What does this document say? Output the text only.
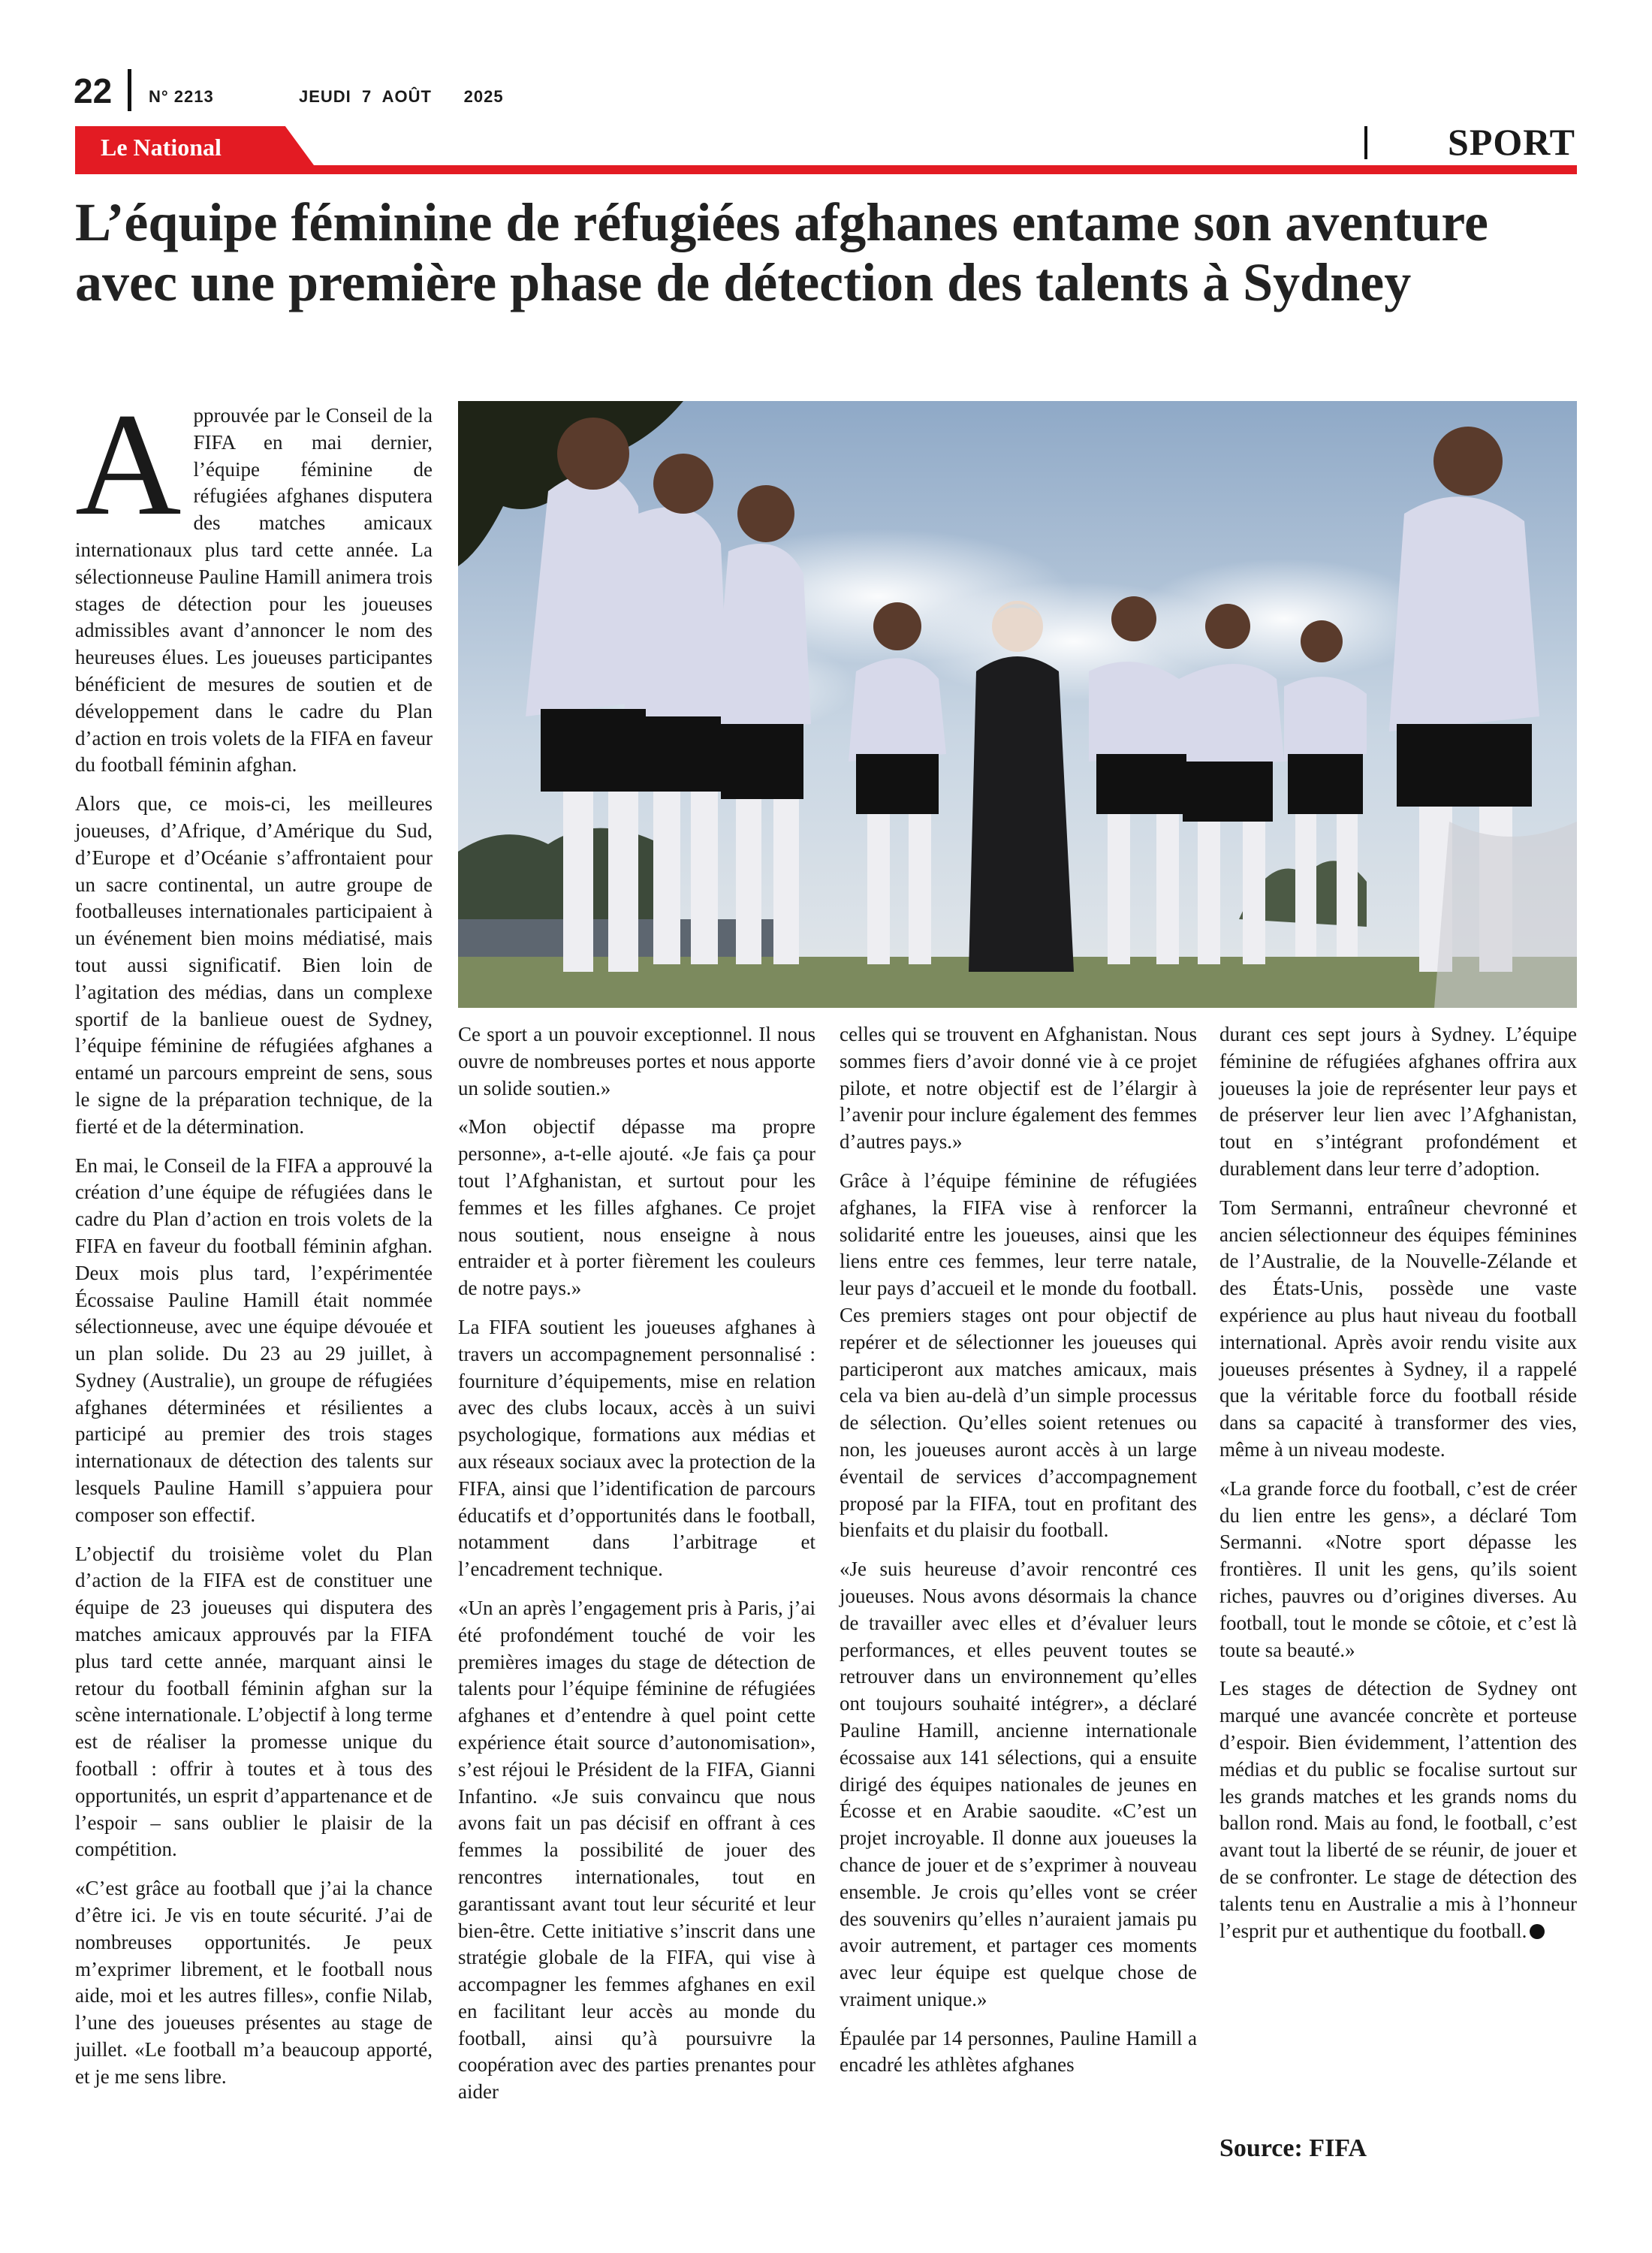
22 N° 2213	JEUDI  7  AOÛT      2025
Le National	SPORT
L’équipe féminine de réfugiées afghanes entame son aventure avec une première phase de détection des talents à Sydney

Approuvée par le Conseil de la FIFA en mai dernier, l’équipe féminine de réfugiées afghanes disputera des matches amicaux internationaux plus tard cette année. La sélectionneuse Pauline Hamill animera trois stages de détection pour les joueuses admissibles avant d’annoncer le nom des heureuses élues. Les joueuses participantes bénéficient de mesures de soutien et de développement dans le cadre du Plan d’action en trois volets de la FIFA en faveur du football féminin afghan.

Alors que, ce mois-ci, les meilleures joueuses, d’Afrique, d’Amérique du Sud, d’Europe et d’Océanie s’affrontaient pour un sacre continental, un autre groupe de footballeuses internationales participaient à un événement bien moins médiatisé, mais tout aussi significatif. Bien loin de l’agitation des médias, dans un complexe sportif de la banlieue ouest de Sydney, l’équipe féminine de réfugiées afghanes a entamé un parcours empreint de sens, sous le signe de la préparation technique, de la fierté et de la détermination.

En mai, le Conseil de la FIFA a approuvé la création d’une équipe de réfugiées dans le cadre du Plan d’action en trois volets de la FIFA en faveur du football féminin afghan. Deux mois plus tard, l’expérimentée Écossaise Pauline Hamill était nommée sélectionneuse, avec une équipe dévouée et un plan solide. Du 23 au 29 juillet, à Sydney (Australie), un groupe de réfugiées afghanes déterminées et résilientes a participé au premier des trois stages internationaux de détection des talents sur lesquels Pauline Hamill s’appuiera pour composer son effectif.

L’objectif du troisième volet du Plan d’action de la FIFA est de constituer une équipe de 23 joueuses qui disputera des matches amicaux approuvés par la FIFA plus tard cette année, marquant ainsi le retour du football féminin afghan sur la scène internationale. L’objectif à long terme est de réaliser la promesse unique du football : offrir à toutes et à tous des opportunités, un esprit d’appartenance et de l’espoir – sans oublier le plaisir de la compétition.

«C’est grâce au football que j’ai la chance d’être ici. Je vis en toute sécurité. J’ai de nombreuses opportunités. Je peux m’exprimer librement, et le football nous aide, moi et les autres filles», confie Nilab, l’une des joueuses présentes au stage de juillet. «Le football m’a beaucoup apporté, et je me sens libre.

Ce sport a un pouvoir exceptionnel. Il nous ouvre de nombreuses portes et nous apporte un solide soutien.»

«Mon objectif dépasse ma propre personne», a-t-elle ajouté. «Je fais ça pour tout l’Afghanistan, et surtout pour les femmes et les filles afghanes. Ce projet nous soutient, nous enseigne à nous entraider et à porter fièrement les couleurs de notre pays.»

La FIFA soutient les joueuses afghanes à travers un accompagnement personnalisé : fourniture d’équipements, mise en relation avec des clubs locaux, accès à un suivi psychologique, formations aux médias et aux réseaux sociaux avec la protection de la FIFA, ainsi que l’identification de parcours éducatifs et d’opportunités dans le football, notamment dans l’arbitrage et l’encadrement technique.

«Un an après l’engagement pris à Paris, j’ai été profondément touché de voir les premières images du stage de détection de talents pour l’équipe féminine de réfugiées afghanes et d’entendre à quel point cette expérience était source d’autonomisation», s’est réjoui le Président de la FIFA, Gianni Infantino. «Je suis convaincu que nous avons fait un pas décisif en offrant à ces femmes la possibilité de jouer des rencontres internationales, tout en garantissant avant tout leur sécurité et leur bien-être. Cette initiative s’inscrit dans une stratégie globale de la FIFA, qui vise à accompagner les femmes afghanes en exil en facilitant leur accès au monde du football, ainsi qu’à poursuivre la coopération avec des parties prenantes pour aider

celles qui se trouvent en Afghanistan. Nous sommes fiers d’avoir donné vie à ce projet pilote, et notre objectif est de l’élargir à l’avenir pour inclure également des femmes d’autres pays.»

Grâce à l’équipe féminine de réfugiées afghanes, la FIFA vise à renforcer la solidarité entre les joueuses, ainsi que les liens entre ces femmes, leur terre natale, leur pays d’accueil et le monde du football. Ces premiers stages ont pour objectif de repérer et de sélectionner les joueuses qui participeront aux matches amicaux, mais cela va bien au-delà d’un simple processus de sélection. Qu’elles soient retenues ou non, les joueuses auront accès à un large éventail de services d’accompagnement proposé par la FIFA, tout en profitant des bienfaits et du plaisir du football.

«Je suis heureuse d’avoir rencontré ces joueuses. Nous avons désormais la chance de travailler avec elles et d’évaluer leurs performances, et elles peuvent toutes se retrouver dans un environnement qu’elles ont toujours souhaité intégrer», a déclaré Pauline Hamill, ancienne internationale écossaise aux 141 sélections, qui a ensuite dirigé des équipes nationales de jeunes en Écosse et en Arabie saoudite. «C’est un projet incroyable. Il donne aux joueuses la chance de jouer et de s’exprimer à nouveau ensemble. Je crois qu’elles vont se créer des souvenirs qu’elles n’auraient jamais pu avoir autrement, et partager ces moments avec leur équipe est quelque chose de vraiment unique.»

Épaulée par 14 personnes, Pauline Hamill a encadré les athlètes afghanes

durant ces sept jours à Sydney. L’équipe féminine de réfugiées afghanes offrira aux joueuses la joie de représenter leur pays et de préserver leur lien avec l’Afghanistan, tout en s’intégrant profondément et durablement dans leur terre d’adoption.

Tom Sermanni, entraîneur chevronné et ancien sélectionneur des équipes féminines de l’Australie, de la Nouvelle-Zélande et des États-Unis, possède une vaste expérience au plus haut niveau du football international. Après avoir rendu visite aux joueuses présentes à Sydney, il a rappelé que la véritable force du football réside dans sa capacité à transformer des vies, même à un niveau modeste.

«La grande force du football, c’est de créer du lien entre les gens», a déclaré Tom Sermanni. «Notre sport dépasse les frontières. Il unit les gens, qu’ils soient riches, pauvres ou d’origines diverses. Au football, tout le monde se côtoie, et c’est là toute sa beauté.»

Les stages de détection de Sydney ont marqué une avancée concrète et porteuse d’espoir. Bien évidemment, l’attention des médias et du public se focalise surtout sur les grands matches et les grands noms du ballon rond. Mais au fond, le football, c’est avant tout la liberté de se réunir, de jouer et de se confronter. Le stage de détection des talents tenu en Australie a mis à l’honneur l’esprit pur et authentique du football.

Source: FIFA
